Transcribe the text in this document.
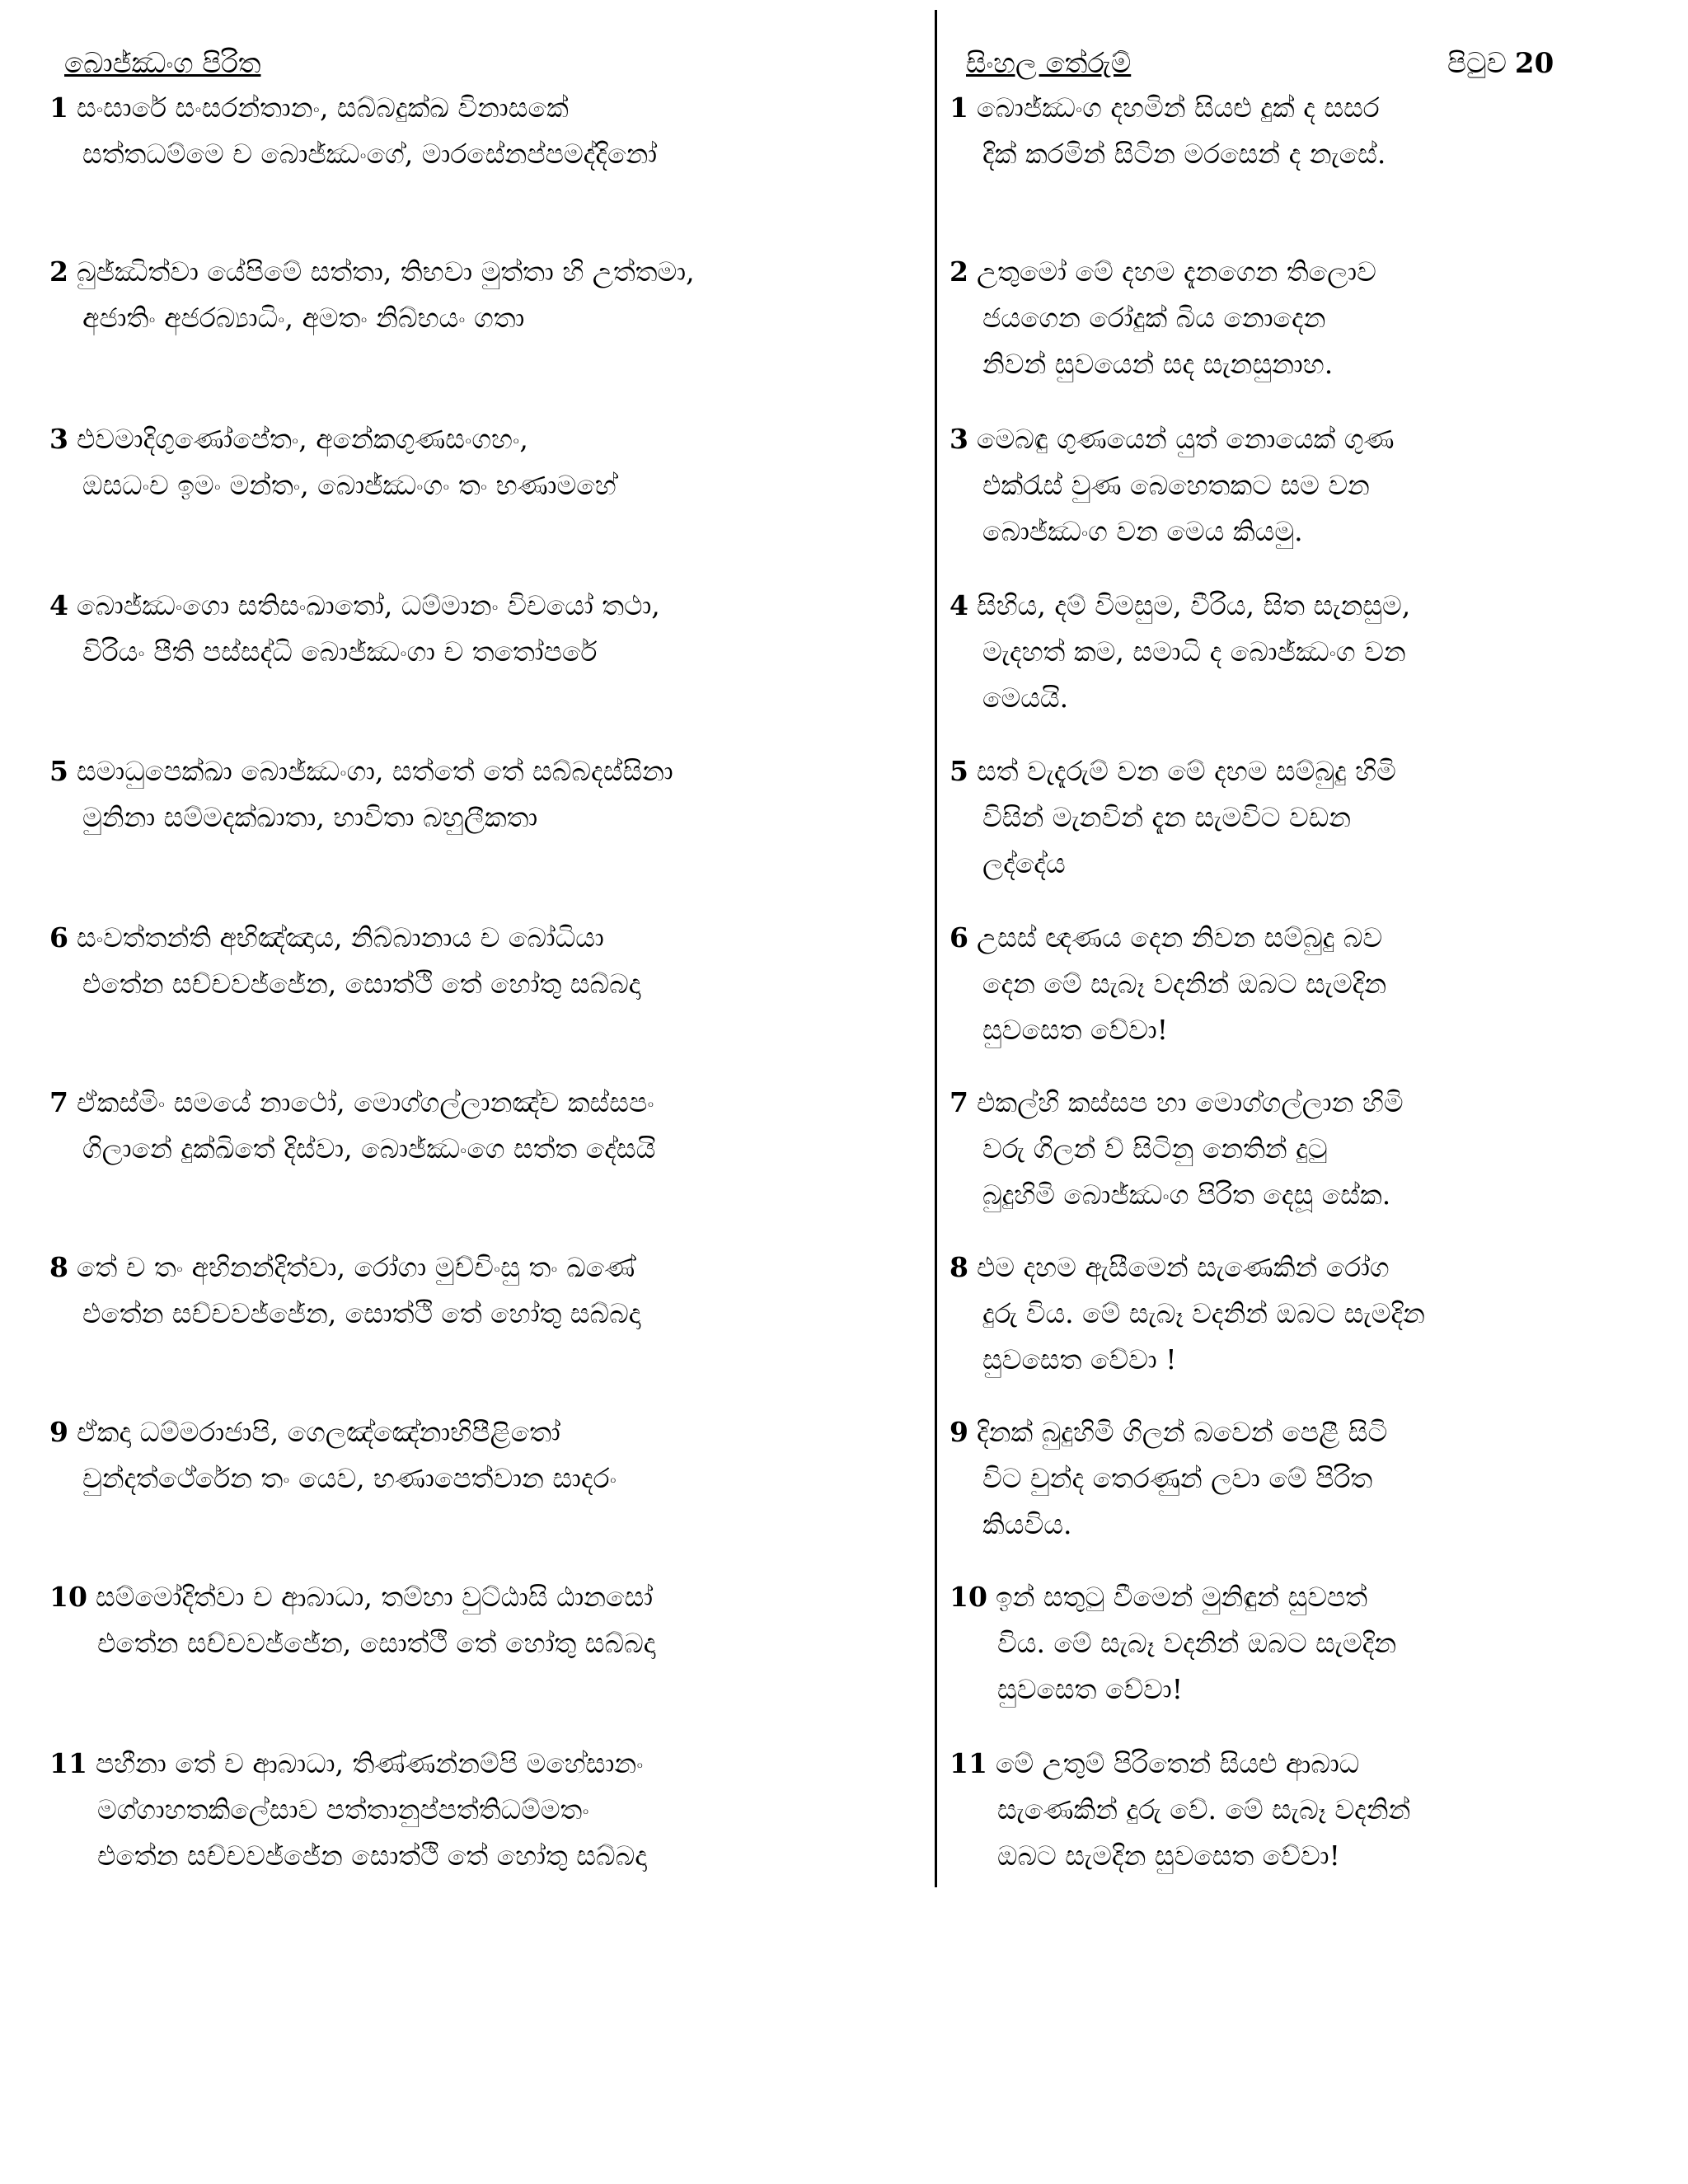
බොජ්ඣංග පිරිත	සිංහල තේරුම්	පිටුව 20
1 සංසාරේ සංසරන්තානං, සබ්බදුක්ඛ විනාසකේ
සත්තධම්මෙ ච බොජ්ඣංගේ, මාරසේනප්පමද්දිනෝ
1 බොජ්ඣංග දහමින් සියළු දුක් ද සසර
දික් කරමින් සිටින මරසෙන් ද නැසේ.
2 බුජ්ඣිත්වා යේපිමේ සත්තා, තිභවා මුත්තා හි උත්තමා,
අජාතිං අජරබ්‍යාධිං, අමතං නිබ්භයං ගතා
2 උතුමෝ මේ දහම දැනගෙන තිලොව
ජයගෙන රෝදුක් බිය නොදෙන
නිවන් සුවයෙන් සද සැනසුනාහ.
3 එවමාදිගුණෝපේතං, අනේකගුණසංගහං,
ඔසධංච ඉමං මන්තං, බොජ්ඣංගං තං භණාමහේ
3 මෙබඳු ගුණයෙන් යුත් නොයෙක් ගුණ
එක්රැස් වුණ බෙහෙතකට සම වන
බොජ්ඣංග වන මෙය කියමු.
4 බොජ්ඣංගො සතිසංඛාතෝ, ධම්මානං විචයෝ තථා,
විරියං පීති පස්සද්ධි බොජ්ඣංගා ච තතෝපරේ
4 සිහිය, දම් විමසුම, වීරිය, සිත සැනසුම,
මැදහත් කම, සමාධි ද බොජ්ඣංග වන
මෙයයි.
5 සමාධුපෙක්ඛා බොජ්ඣංගා, සත්තේ තේ සබ්බදස්සිනා
මුනිනා සම්මදක්ඛාතා, භාවිතා බහුලීකතා
5 සත් වැදැරුම් වන මේ දහම සම්බුදු හිමි
විසින් මැනවින් දැන සැමවිට වඩන
ලද්දේය
6 සංවත්තන්ති අභිඤ්ඤාය, නිබ්බානාය ච බෝධියා
එතේන සච්චවජ්ජේන, සොත්ථි තේ හෝතු සබ්බදා
6 උසස් ඥණය දෙන නිවන සම්බුදු බව
දෙන මේ සැබෑ වදනින් ඔබට සැමදින
සුවසෙත වේවා!
7 ඒකස්මිං සමයේ නාථෝ, මොග්ගල්ලානඤ්ච කස්සපං
ගිලානේ දුක්ඛිතේ දිස්වා, බොජ්ඣංගෙ සත්ත දේසයි
7 එකල්හි කස්සප හා මොග්ගල්ලාන හිමි
වරු ගිලන් ව් සිටිනු නෙතින් දුටු
බුදුහිමි බොජ්ඣංග පිරිත දෙසූ සේක.
8 තේ ච තං අභිනන්දිත්වා, රෝගා මුච්චිංසු තං ඛණේ
එතේන සච්චවජ්ජේන, සොත්ථි තේ හෝතු සබ්බදා
8 එම දහම ඇසීමෙන් සැණෙකින් රෝග
දුරු විය. මේ සැබෑ වදනින් ඔබට සැමදින
සුවසෙත වේවා !
9 ඒකදා ධම්මරාජාපි, ගෙලඤ්ඤේනාභිපීළිතෝ
චුන්දත්ථේරේන තං යෙව, භණාපෙත්වාන සාදරං
9 දිනක් බුදුහිමි ගිලන් බවෙන් පෙළී සිටි
විට චුන්ද තෙරණුන් ලවා මේ පිරිත
කියවිය.
10 සම්මෝදිත්වා ච ආබාධා, තම්හා වුට්ඨාසි ඨානසෝ
එතේන සච්චවජ්ජේන, සොත්ථි තේ හෝතු සබ්බදා
10 ඉන් සතුටු වීමෙන් මුනිඳුන් සුවපත්
විය. මේ සැබෑ වදනින් ඔබට සැමදින
සුවසෙත වේවා!
11 පහීනා තේ ච ආබාධා, තිණ්ණන්නම්පි මහේසානං
මග්ගාහතකිලේසාව පත්තානුප්පත්තිධම්මතං
එතේන සච්චවජ්ජේන සොත්ථි තේ හෝතු සබ්බදා
11 මේ උතුම් පිරිතෙන් සියළු ආබාධ
සැණෙකින් දුරු වේ. මේ සැබෑ වදනින්
ඔබට සැමදින සුවසෙත වේවා!
